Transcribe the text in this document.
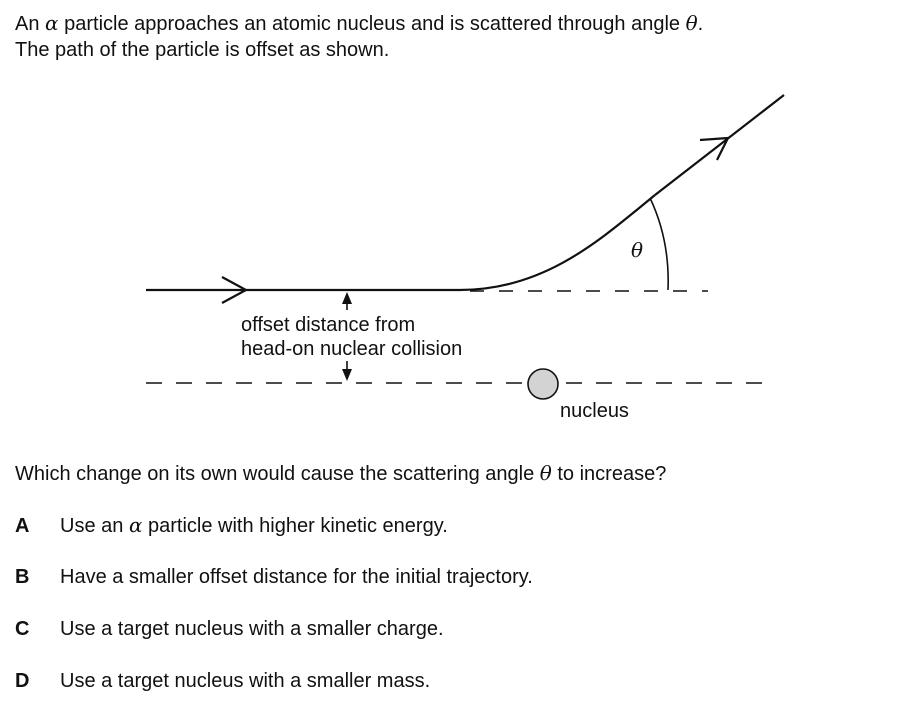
An α particle approaches an atomic nucleus and is scattered through angle θ.
The path of the particle is offset as shown.
offset distance from
head-on nuclear collision
nucleus
θ
Which change on its own would cause the scattering angle θ to increase?
A Use an α particle with higher kinetic energy.
B Have a smaller offset distance for the initial trajectory.
C Use a target nucleus with a smaller charge.
D Use a target nucleus with a smaller mass.
